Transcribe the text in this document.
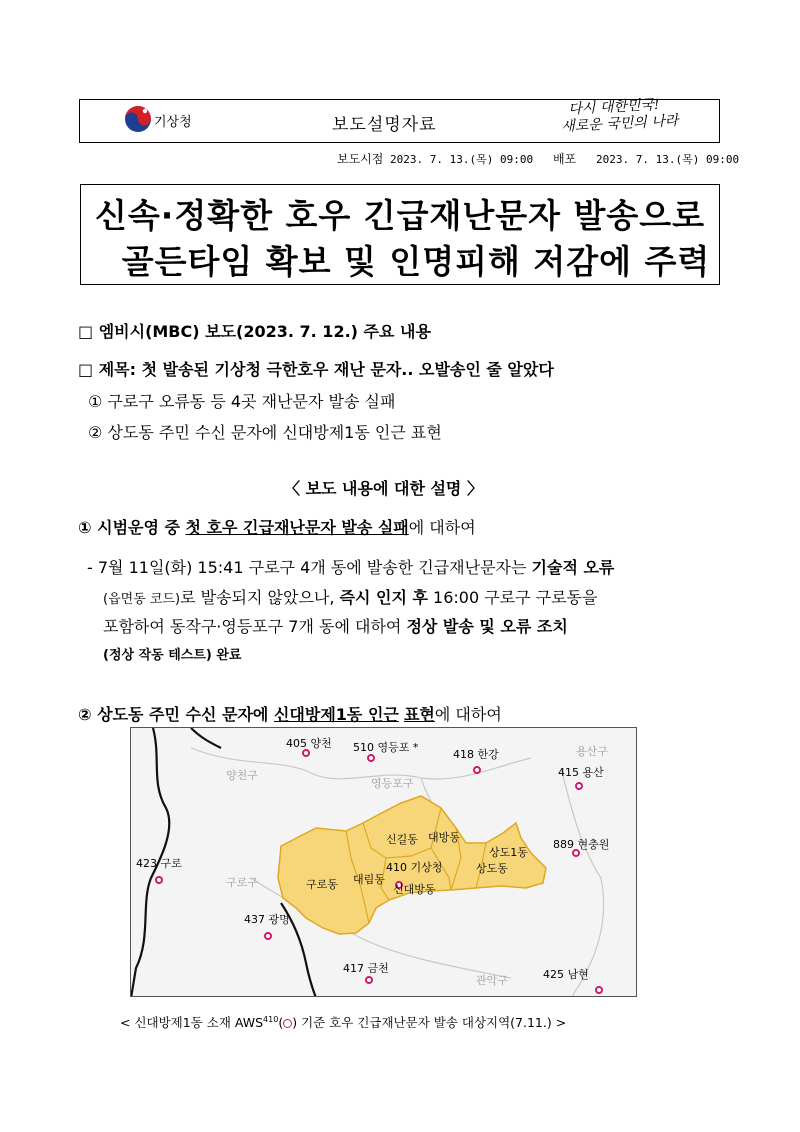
기상청	보도설명자료
다시 대한민국!
새로운 국민의 나라
보도시점 2023. 7. 13.(목) 09:00 배포 2023. 7. 13.(목) 09:00
신속·정확한 호우 긴급재난문자 발송으로
골든타임 확보 및 인명피해 저감에 주력
□ 엠비시(MBC) 보도(2023. 7. 12.) 주요 내용
□ 제목: 첫 발송된 기상청 극한호우 재난 문자.. 오발송인 줄 알았다
① 구로구 오류동 등 4곳 재난문자 발송 실패
② 상도동 주민 수신 문자에 신대방제1동 인근 표현
〈 보도 내용에 대한 설명 〉
① 시범운영 중 첫 호우 긴급재난문자 발송 실패에 대하여
- 7월 11일(화) 15:41 구로구 4개 동에 발송한 긴급재난문자는 기술적 오류
(읍면동 코드)로 발송되지 않았으나, 즉시 인지 후 16:00 구로구 구로동을
포함하여 동작구·영등포구 7개 동에 대하여 정상 발송 및 오류 조치
(정상 작동 테스트) 완료
② 상도동 주민 수신 문자에 신대방제1동 인근 표현에 대하여
양천구
영등포구
용산구
구로구
관악구
신길동 대방동
구로동 대림동
신대방동
상도1동
상도동
405 양천 510 영등포 *
418 한강
415 용산
889 현충원
423 구로	410 기상청
437 광명
417 금천	425 남현
< 신대방제1동 소재 AWS$^{410}$( ) 기준 호우 긴급재난문자 발송 대상지역(7.11.) >
